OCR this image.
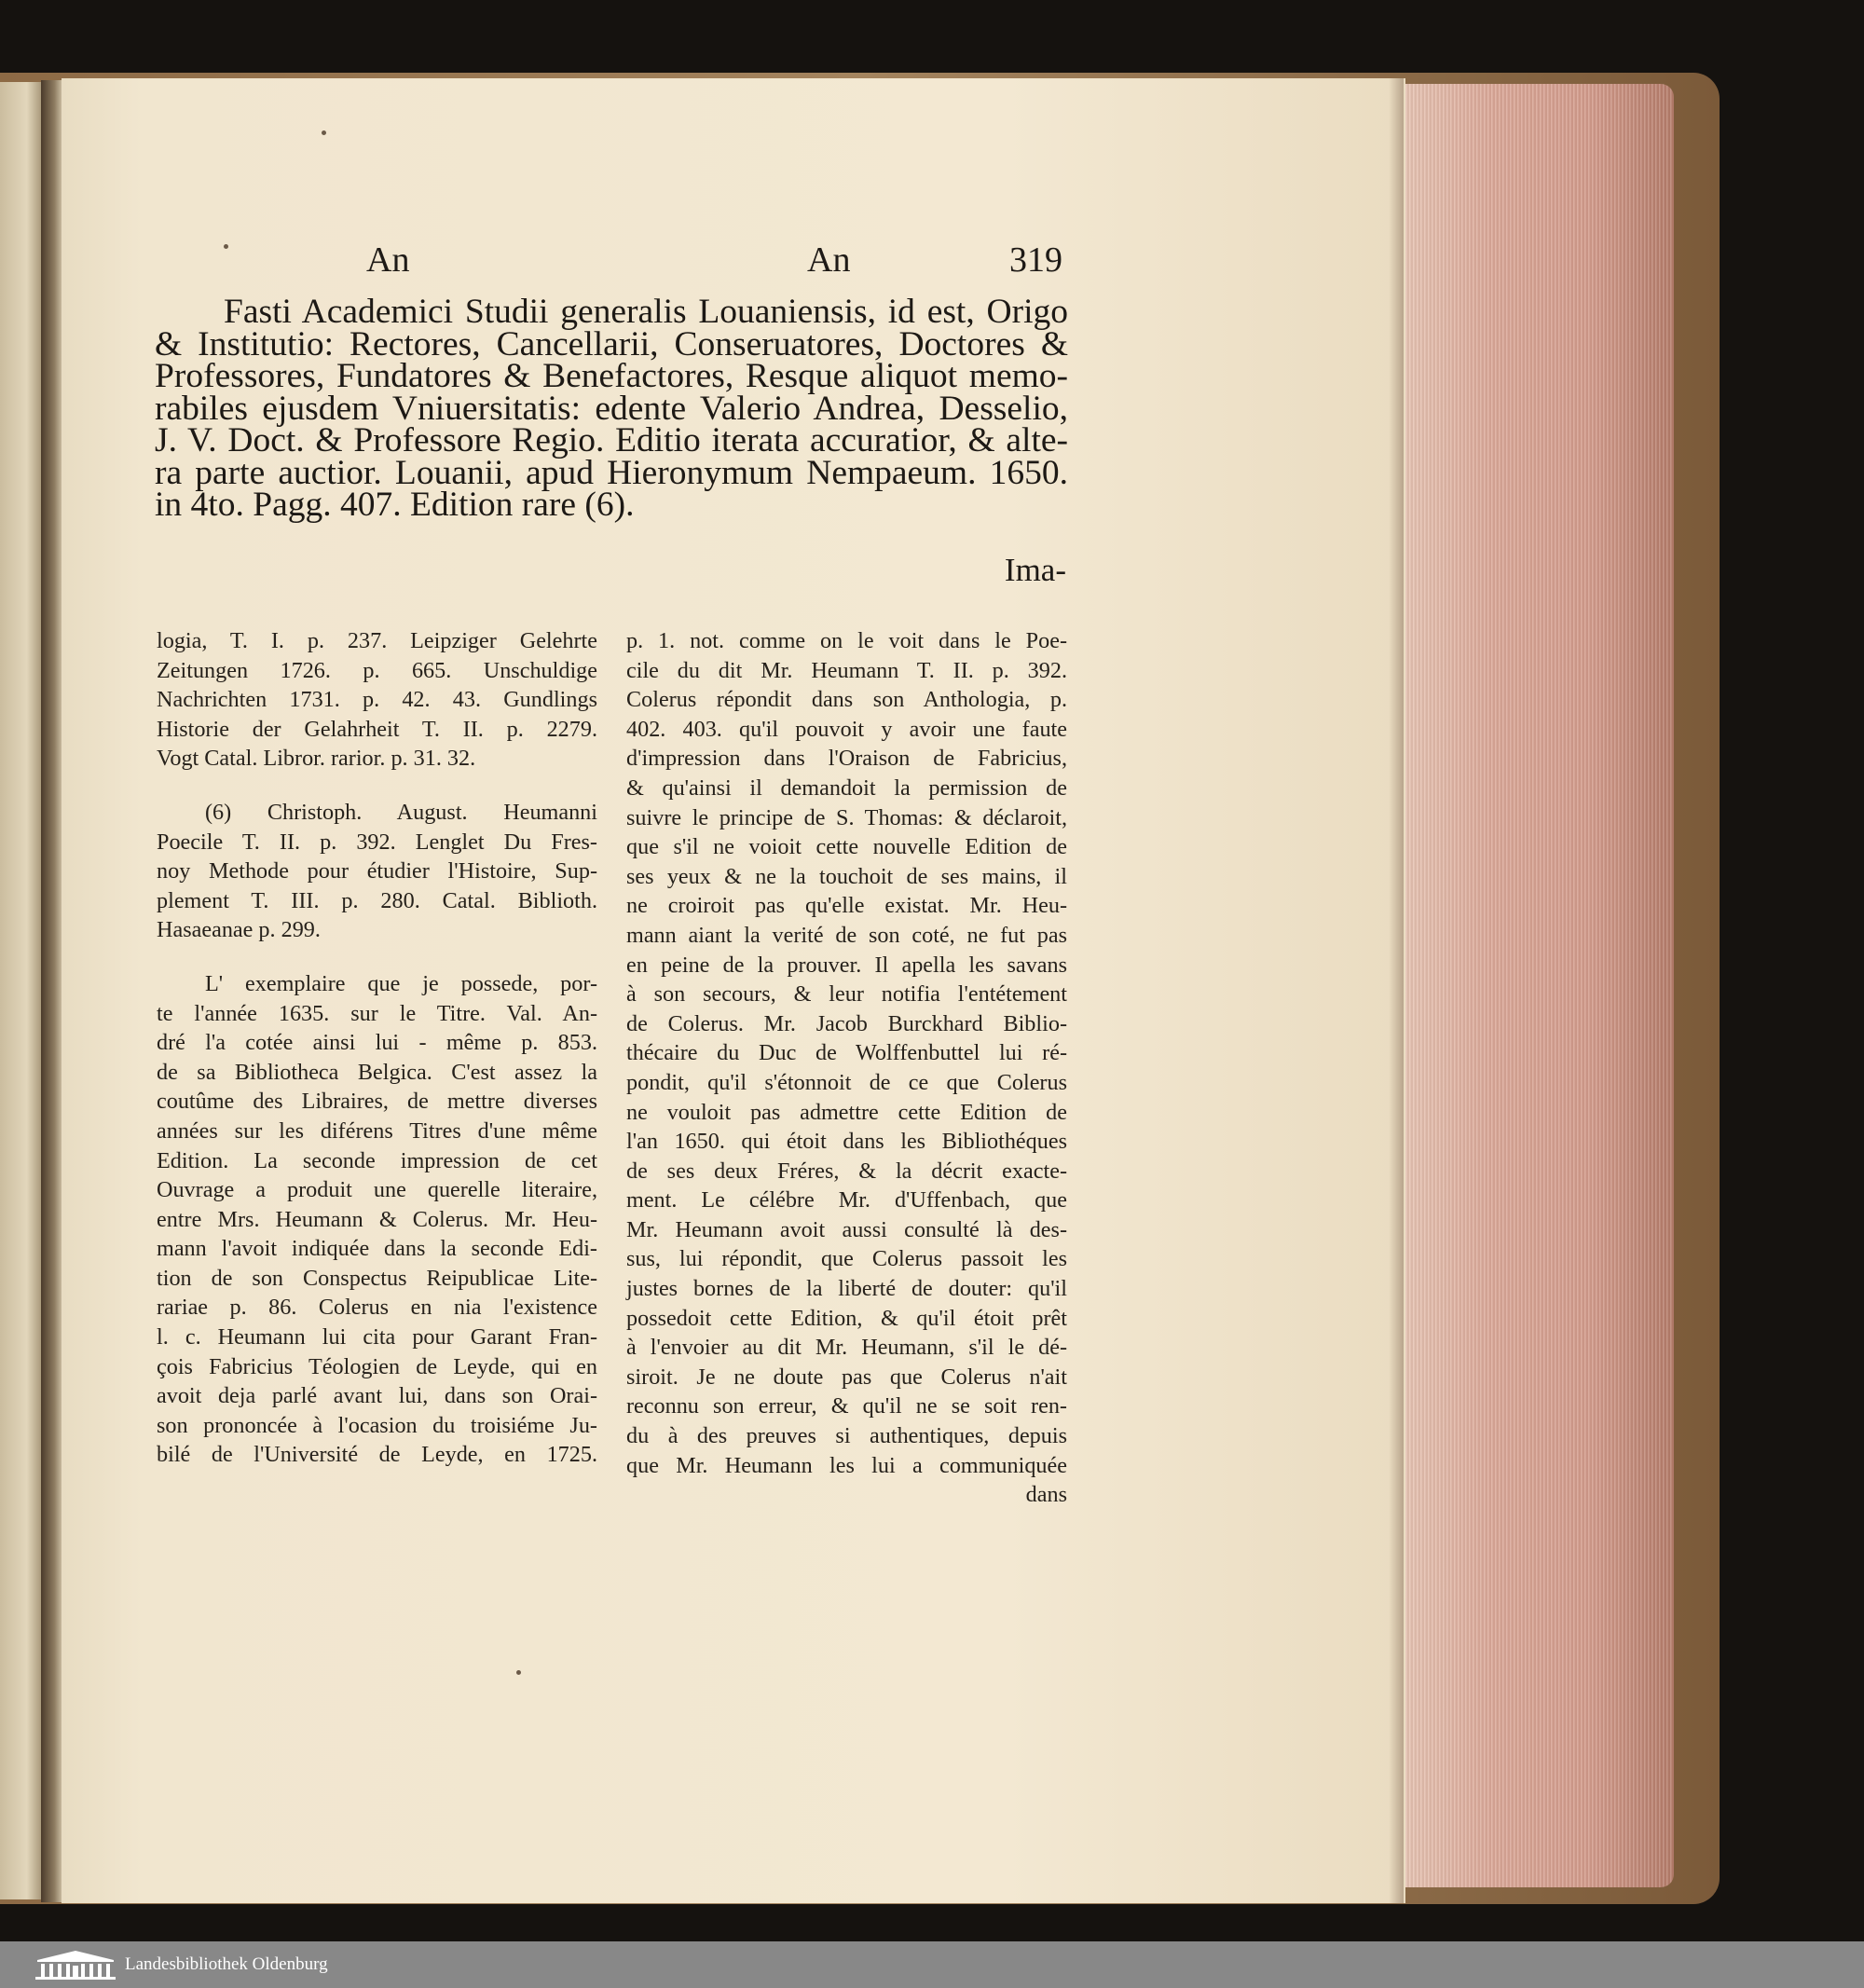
An	An	319
Fasti Academici Studii generalis Louaniensis, id est, Origo
& Institutio: Rectores, Cancellarii, Conseruatores, Doctores &
Professores, Fundatores & Benefactores, Resque aliquot memo-
rabiles ejusdem Vniuersitatis: edente Valerio Andrea, Desselio,
J. V. Doct. & Professore Regio. Editio iterata accuratior, & alte-
ra parte auctior. Louanii, apud Hieronymum Nempaeum. 1650.
in 4to. Pagg. 407. Edition rare (6).
Ima-
logia, T. I. p. 237. Leipziger Gelehrte
Zeitungen 1726. p. 665. Unschuldige
Nachrichten 1731. p. 42. 43. Gundlings
Historie der Gelahrheit T. II. p. 2279.
Vogt Catal. Libror. rarior. p. 31. 32.
(6) Christoph. August. Heumanni
Poecile T. II. p. 392. Lenglet Du Fres-
noy Methode pour étudier l'Histoire, Sup-
plement T. III. p. 280. Catal. Biblioth.
Hasaeanae p. 299.
L' exemplaire que je possede, por-
te l'année 1635. sur le Titre. Val. An-
dré l'a cotée ainsi lui - même p. 853.
de sa Bibliotheca Belgica. C'est assez la
coutûme des Libraires, de mettre diverses
années sur les diférens Titres d'une même
Edition. La seconde impression de cet
Ouvrage a produit une querelle literaire,
entre Mrs. Heumann & Colerus. Mr. Heu-
mann l'avoit indiquée dans la seconde Edi-
tion de son Conspectus Reipublicae Lite-
rariae p. 86. Colerus en nia l'existence
l. c. Heumann lui cita pour Garant Fran-
çois Fabricius Téologien de Leyde, qui en
avoit deja parlé avant lui, dans son Orai-
son prononcée à l'ocasion du troisiéme Ju-
bilé de l'Université de Leyde, en 1725.
p. 1. not. comme on le voit dans le Poe-
cile du dit Mr. Heumann T. II. p. 392.
Colerus répondit dans son Anthologia, p.
402. 403. qu'il pouvoit y avoir une faute
d'impression dans l'Oraison de Fabricius,
& qu'ainsi il demandoit la permission de
suivre le principe de S. Thomas: & déclaroit,
que s'il ne voioit cette nouvelle Edition de
ses yeux & ne la touchoit de ses mains, il
ne croiroit pas qu'elle existat. Mr. Heu-
mann aiant la verité de son coté, ne fut pas
en peine de la prouver. Il apella les savans
à son secours, & leur notifia l'entétement
de Colerus. Mr. Jacob Burckhard Biblio-
thécaire du Duc de Wolffenbuttel lui ré-
pondit, qu'il s'étonnoit de ce que Colerus
ne vouloit pas admettre cette Edition de
l'an 1650. qui étoit dans les Bibliothéques
de ses deux Fréres, & la décrit exacte-
ment. Le célébre Mr. d'Uffenbach, que
Mr. Heumann avoit aussi consulté là des-
sus, lui répondit, que Colerus passoit les
justes bornes de la liberté de douter: qu'il
possedoit cette Edition, & qu'il étoit prêt
à l'envoier au dit Mr. Heumann, s'il le dé-
siroit. Je ne doute pas que Colerus n'ait
reconnu son erreur, & qu'il ne se soit ren-
du à des preuves si authentiques, depuis
que Mr. Heumann les lui a communiquée
dans
Landesbibliothek Oldenburg
